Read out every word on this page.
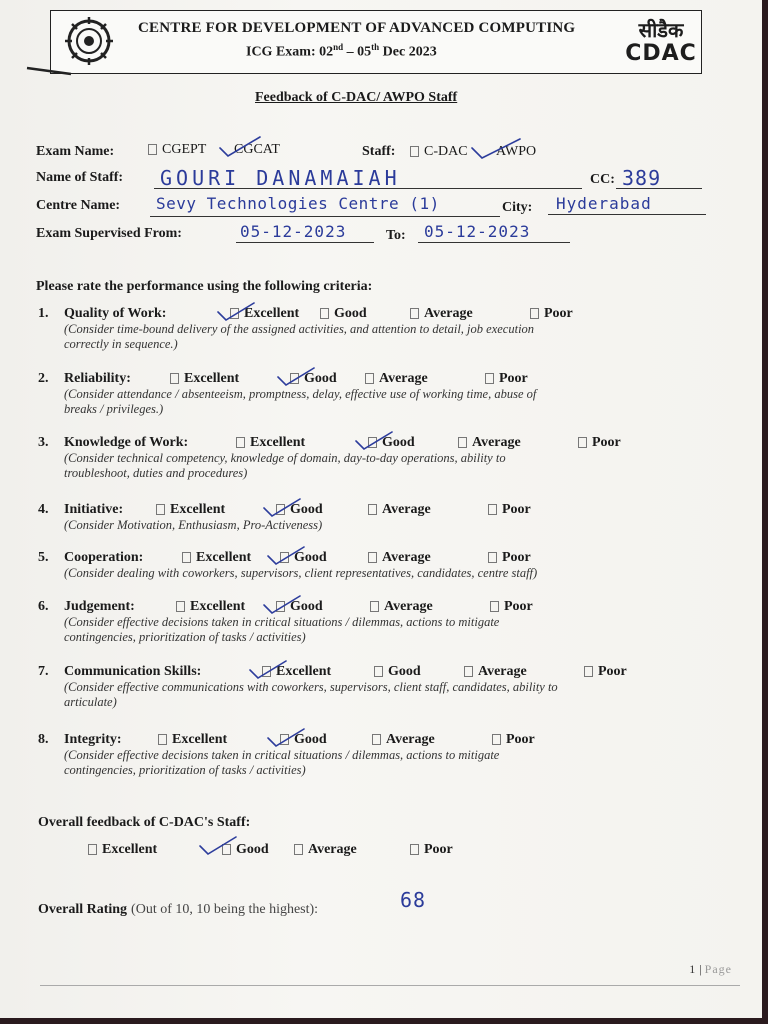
CENTRE FOR DEVELOPMENT OF ADVANCED COMPUTING
ICG Exam: 02nd – 05th Dec 2023
सीडैक
CDAC
Feedback of C-DAC/ AWPO Staff
Exam Name:	CGEPT CGCAT	Staff:	C-DAC AWPO
Name of Staff: GOURI DANAMAIAH	CC: 389
Centre Name: Sevy Technologies Centre (1)	City: Hyderabad
Exam Supervised From:	05-12-2023	To: 05-12-2023
Please rate the performance using the following criteria:
Overall feedback of C-DAC's Staff:
Overall Rating (Out of 10, 10 being the highest):	68
1 | Page
1. Quality of Work:	Excellent	Good	Average	Poor
(Consider time-bound delivery of the assigned activities, and attention to detail, job execution
correctly in sequence.)
2. Reliability:	Excellent	Good	Average	Poor
(Consider attendance / absenteeism, promptness, delay, effective use of working time, abuse of
breaks / privileges.)
3. Knowledge of Work:	Excellent	Good	Average	Poor
(Consider technical competency, knowledge of domain, day-to-day operations, ability to
troubleshoot, duties and procedures)
4. Initiative:	Excellent	Good	Average	Poor
(Consider Motivation, Enthusiasm, Pro-Activeness)
5. Cooperation:	Excellent	Good	Average	Poor
(Consider dealing with coworkers, supervisors, client representatives, candidates, centre staff)
6. Judgement:	Excellent	Good	Average	Poor
(Consider effective decisions taken in critical situations / dilemmas, actions to mitigate
contingencies, prioritization of tasks / activities)
7. Communication Skills:	Excellent	Good	Average	Poor
(Consider effective communications with coworkers, supervisors, client staff, candidates, ability to
articulate)
8. Integrity:	Excellent	Good	Average	Poor
(Consider effective decisions taken in critical situations / dilemmas, actions to mitigate
contingencies, prioritization of tasks / activities)
Excellent	Good	Average	Poor
